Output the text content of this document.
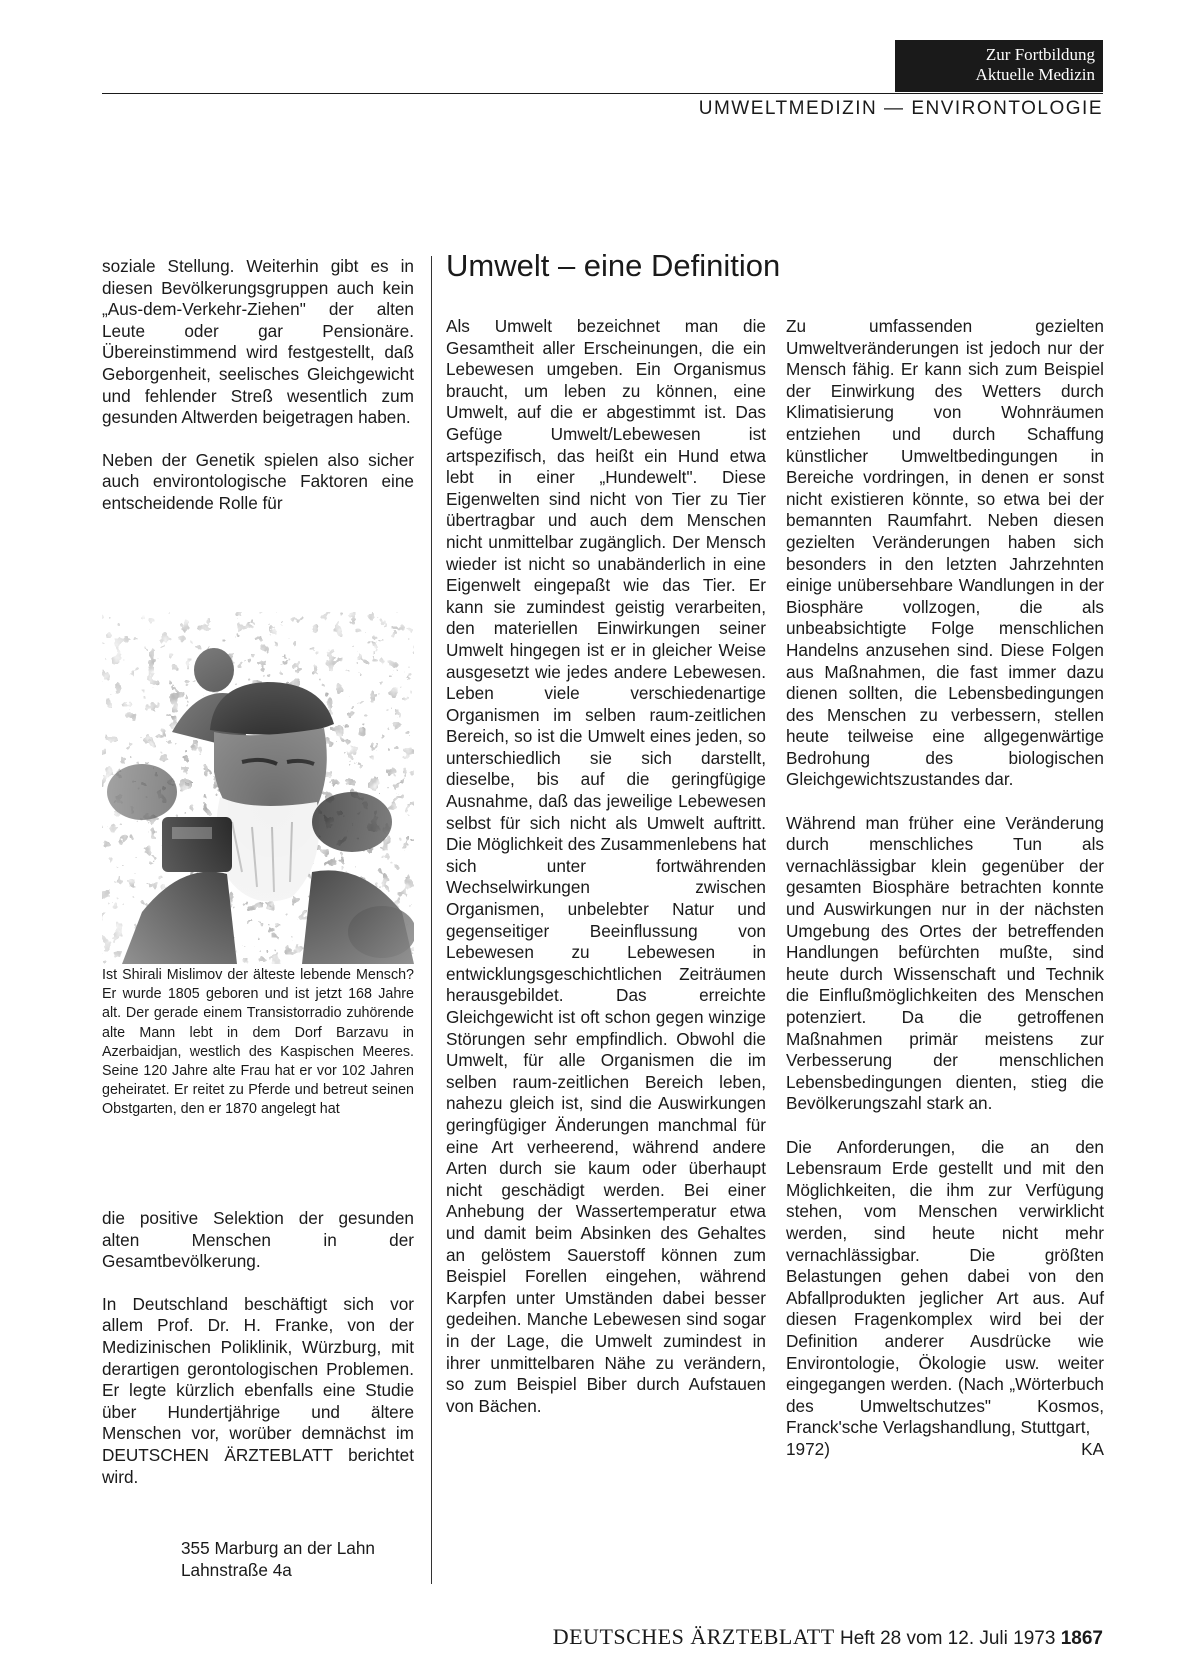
Zur Fortbildung
Aktuelle Medizin
UMWELTMEDIZIN — ENVIRONTOLOGIE

soziale Stellung. Weiterhin gibt es in diesen Bevölkerungsgruppen auch kein „Aus-dem-Verkehr-Ziehen" der alten Leute oder gar Pensionäre. Übereinstimmend wird festgestellt, daß Geborgenheit, seelisches Gleichgewicht und fehlender Streß wesentlich zum gesunden Altwerden beigetragen haben.

Neben der Genetik spielen also sicher auch environtologische Faktoren eine entscheidende Rolle für

Ist Shirali Mislimov der älteste lebende Mensch? Er wurde 1805 geboren und ist jetzt 168 Jahre alt. Der gerade einem Transistorradio zuhörende alte Mann lebt in dem Dorf Barzavu in Azerbaidjan, westlich des Kaspischen Meeres. Seine 120 Jahre alte Frau hat er vor 102 Jahren geheiratet. Er reitet zu Pferde und betreut seinen Obstgarten, den er 1870 angelegt hat

die positive Selektion der gesunden alten Menschen in der Gesamtbevölkerung.

In Deutschland beschäftigt sich vor allem Prof. Dr. H. Franke, von der Medizinischen Poliklinik, Würzburg, mit derartigen gerontologischen Problemen. Er legte kürzlich ebenfalls eine Studie über Hundertjährige und ältere Menschen vor, worüber demnächst im DEUTSCHEN ÄRZTEBLATT berichtet wird.

355 Marburg an der Lahn
Lahnstraße 4a
Umwelt – eine Definition

Als Umwelt bezeichnet man die Gesamtheit aller Erscheinungen, die ein Lebewesen umgeben. Ein Organismus braucht, um leben zu können, eine Umwelt, auf die er abgestimmt ist. Das Gefüge Umwelt/Lebewesen ist artspezifisch, das heißt ein Hund etwa lebt in einer „Hundewelt". Diese Eigenwelten sind nicht von Tier zu Tier übertragbar und auch dem Menschen nicht unmittelbar zugänglich. Der Mensch wieder ist nicht so unabänderlich in eine Eigenwelt eingepaßt wie das Tier. Er kann sie zumindest geistig verarbeiten, den materiellen Einwirkungen seiner Umwelt hingegen ist er in gleicher Weise ausgesetzt wie jedes andere Lebewesen. Leben viele verschiedenartige Organismen im selben raum-zeitlichen Bereich, so ist die Umwelt eines jeden, so unterschiedlich sie sich darstellt, dieselbe, bis auf die geringfügige Ausnahme, daß das jeweilige Lebewesen selbst für sich nicht als Umwelt auftritt. Die Möglichkeit des Zusammenlebens hat sich unter fortwährenden Wechselwirkungen zwischen Organismen, unbelebter Natur und gegenseitiger Beeinflussung von Lebewesen zu Lebewesen in entwicklungsgeschichtlichen Zeiträumen herausgebildet. Das erreichte Gleichgewicht ist oft schon gegen winzige Störungen sehr empfindlich. Obwohl die Umwelt, für alle Organismen die im selben raum-zeitlichen Bereich leben, nahezu gleich ist, sind die Auswirkungen geringfügiger Änderungen manchmal für eine Art verheerend, während andere Arten durch sie kaum oder überhaupt nicht geschädigt werden. Bei einer Anhebung der Wassertemperatur etwa und damit beim Absinken des Gehaltes an gelöstem Sauerstoff können zum Beispiel Forellen eingehen, während Karpfen unter Umständen dabei besser gedeihen. Manche Lebewesen sind sogar in der Lage, die Umwelt zumindest in ihrer unmittelbaren Nähe zu verändern, so zum Beispiel Biber durch Aufstauen von Bächen.

Zu umfassenden gezielten Umweltveränderungen ist jedoch nur der Mensch fähig. Er kann sich zum Beispiel der Einwirkung des Wetters durch Klimatisierung von Wohnräumen entziehen und durch Schaffung künstlicher Umweltbedingungen in Bereiche vordringen, in denen er sonst nicht existieren könnte, so etwa bei der bemannten Raumfahrt. Neben diesen gezielten Veränderungen haben sich besonders in den letzten Jahrzehnten einige unübersehbare Wandlungen in der Biosphäre vollzogen, die als unbeabsichtigte Folge menschlichen Handelns anzusehen sind. Diese Folgen aus Maßnahmen, die fast immer dazu dienen sollten, die Lebensbedingungen des Menschen zu verbessern, stellen heute teilweise eine allgegenwärtige Bedrohung des biologischen Gleichgewichtszustandes dar.

Während man früher eine Veränderung durch menschliches Tun als vernachlässigbar klein gegenüber der gesamten Biosphäre betrachten konnte und Auswirkungen nur in der nächsten Umgebung des Ortes der betreffenden Handlungen befürchten mußte, sind heute durch Wissenschaft und Technik die Einflußmöglichkeiten des Menschen potenziert. Da die getroffenen Maßnahmen primär meistens zur Verbesserung der menschlichen Lebensbedingungen dienten, stieg die Bevölkerungszahl stark an.

Die Anforderungen, die an den Lebensraum Erde gestellt und mit den Möglichkeiten, die ihm zur Verfügung stehen, vom Menschen verwirklicht werden, sind heute nicht mehr vernachlässigbar. Die größten Belastungen gehen dabei von den Abfallprodukten jeglicher Art aus. Auf diesen Fragenkomplex wird bei der Definition anderer Ausdrücke wie Environtologie, Ökologie usw. weiter eingegangen werden. (Nach „Wörterbuch des Umweltschutzes" Kosmos, Franck'sche Verlagshandlung, Stuttgart,

1972)	KA
DEUTSCHES ÄRZTEBLATT Heft 28 vom 12. Juli 1973 1867
